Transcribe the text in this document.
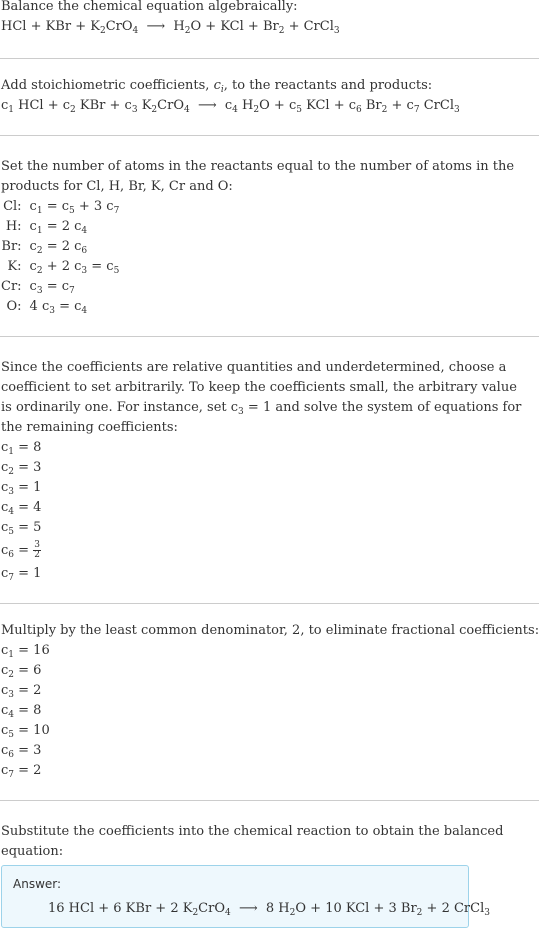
Balance the chemical equation algebraically:
HCl + KBr + $K_2CrO_4$  ⟶  $H_2O$ + KCl + $Br_2$ + CrCl$_3$
Add stoichiometric coefficients, $c_i$, to the reactants and products:
$c_1$ HCl + $c_2$ KBr + $c_3$ $K_2CrO_4$  ⟶  $c_4$ $H_2O + c_5$ KCl + $c_6$ $Br_2 + c_7$ CrCl$_3$
Set the number of atoms in the reactants equal to the number of atoms in the products for Cl, H, Br, K, Cr and O:
Cl:	$c_1 = c_5 + 3$ $c_7$
H:	$c_1 = 2$ $c_4$
Br:	$c_2 = 2$ $c_6$
K:	$c_2 + 2$ $c_3 = c_5$
Cr:	$c_3 = c_7$
O:	4 $c_3 = c_4$
Since the coefficients are relative quantities and underdetermined, choose a coefficient to set arbitrarily. To keep the coefficients small, the arbitrary value is ordinarily one. For instance, set $c_3 = 1$ and solve the system of equations for the remaining coefficients:
$c_1 = 8$
$c_2 = 3$
$c_3 = 1$
$c_4 = 4$
$c_5 = 5$
$c_6 = \frac{3}{2}$
$c_7 = 1$
Multiply by the least common denominator, 2, to eliminate fractional coefficients:
$c_1 = 16$
$c_2 = 6$
$c_3 = 2$
$c_4 = 8$
$c_5 = 10$
$c_6 = 3$
$c_7 = 2$
Substitute the coefficients into the chemical reaction to obtain the balanced equation:
Answer:
16 HCl + 6 KBr + 2 $K_2CrO_4$  ⟶  8 $H_2O + 10$ KCl + 3 $Br_2 + 2$ CrCl$_3$
